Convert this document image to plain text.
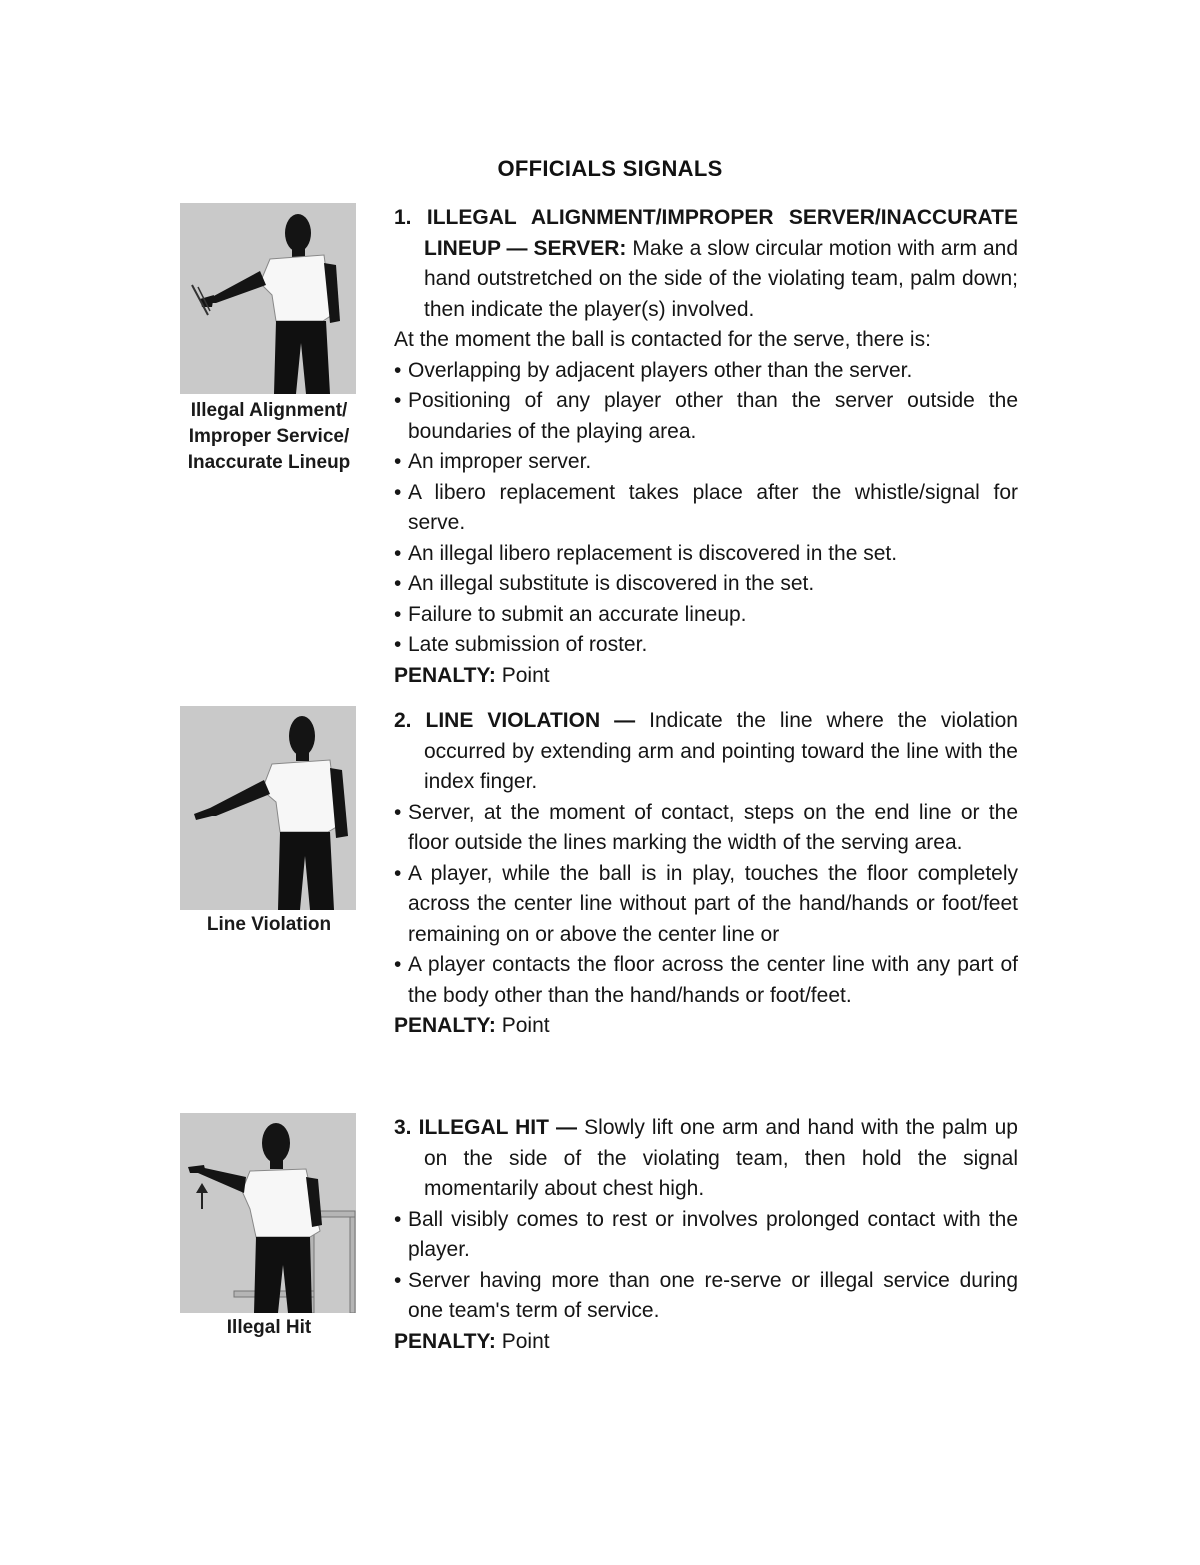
OFFICIALS SIGNALS
Illegal Alignment/ Improper Service/ Inaccurate Lineup
1. ILLEGAL ALIGNMENT/IMPROPER SERVER/INACCURATE LINEUP — SERVER: Make a slow circular motion with arm and hand outstretched on the side of the violating team, palm down; then indicate the player(s) involved.

At the moment the ball is contacted for the serve, there is:

• Overlapping by adjacent players other than the server.
• Positioning of any player other than the server outside the boundaries of the playing area.
• An improper server.
• A libero replacement takes place after the whistle/signal for serve.
• An illegal libero replacement is discovered in the set.
• An illegal substitute is discovered in the set.
• Failure to submit an accurate lineup.
• Late submission of roster.
PENALTY: Point
Line Violation
2. LINE VIOLATION — Indicate the line where the violation occurred by extending arm and pointing toward the line with the index finger.
• Server, at the moment of contact, steps on the end line or the floor outside the lines marking the width of the serving area.
• A player, while the ball is in play, touches the floor completely across the center line without part of the hand/hands or foot/feet remaining on or above the center line or
• A player contacts the floor across the center line with any part of the body other than the hand/hands or foot/feet.
PENALTY: Point
Illegal Hit
3. ILLEGAL HIT — Slowly lift one arm and hand with the palm up on the side of the violating team, then hold the signal momentarily about chest high.
• Ball visibly comes to rest or involves prolonged contact with the player.
• Server having more than one re-serve or illegal service during one team's term of service.
PENALTY: Point
